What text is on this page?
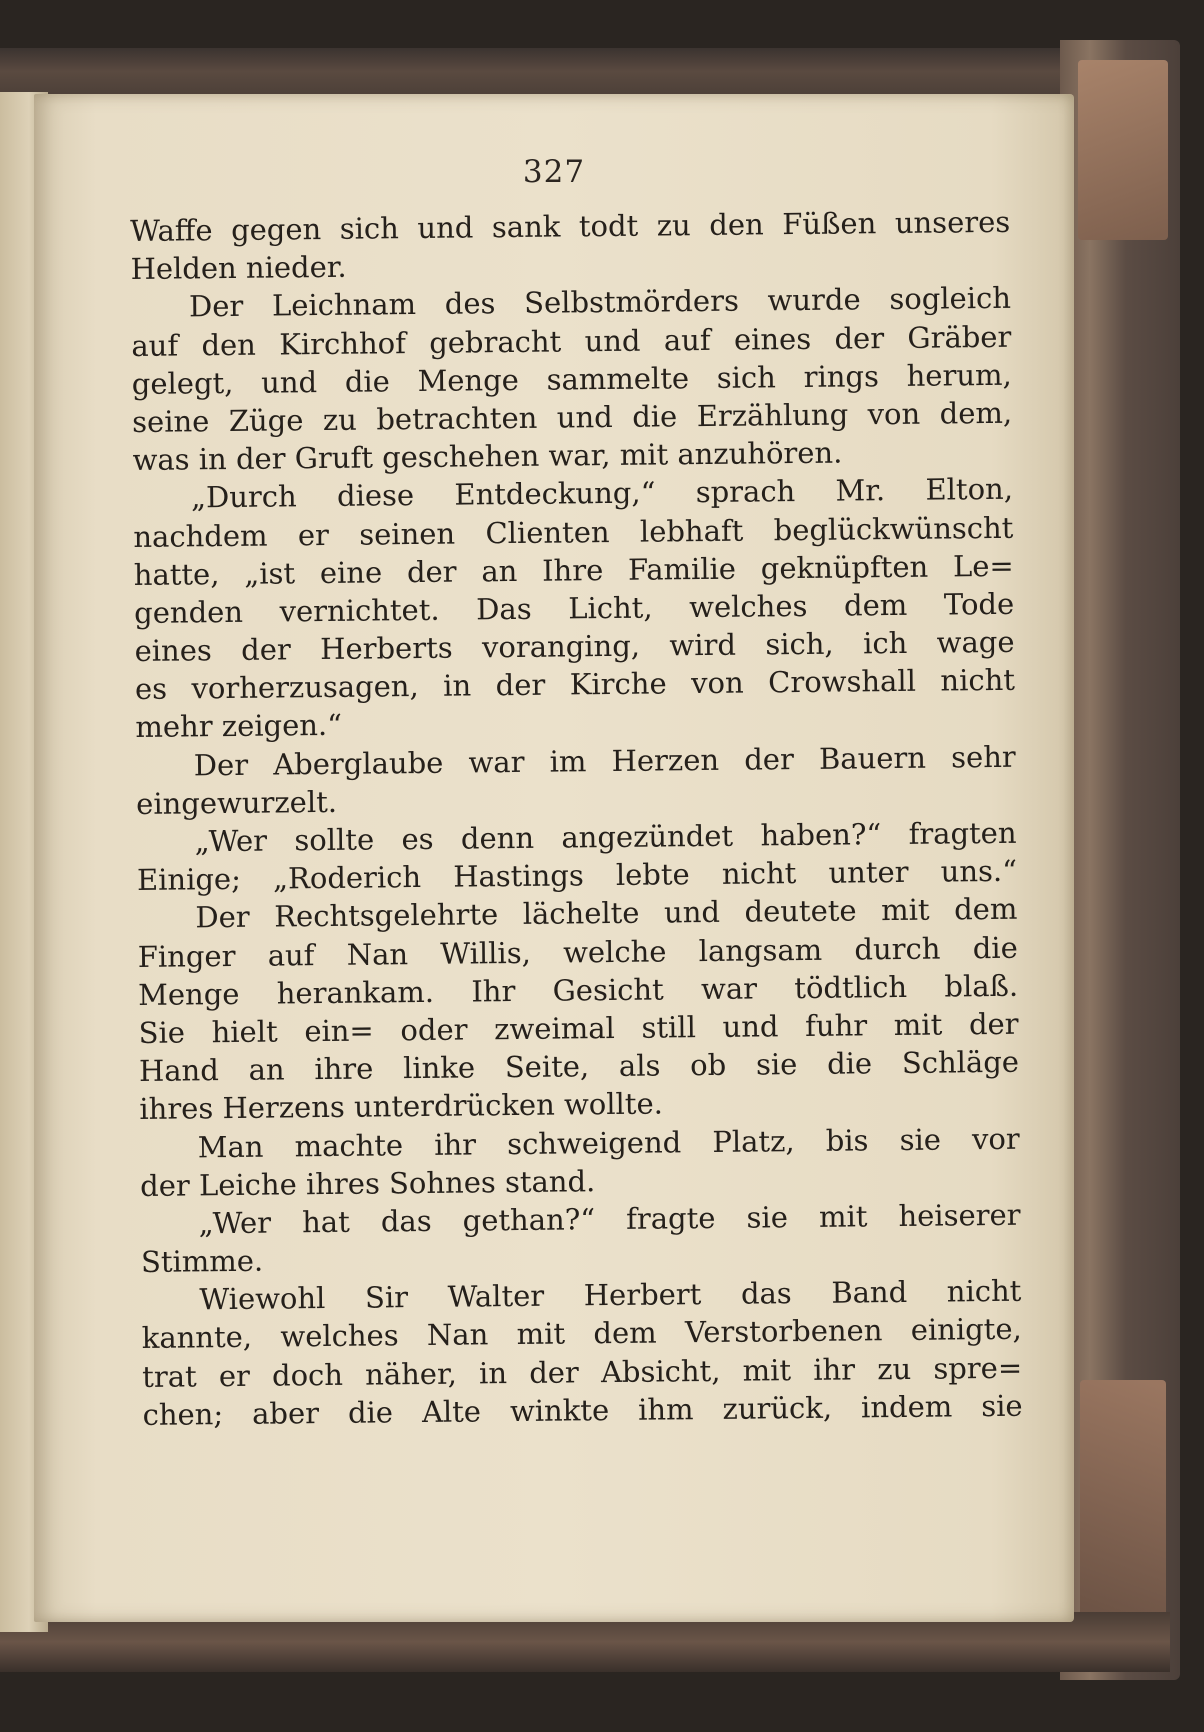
327
Waffe gegen sich und sank todt zu den Füßen unseres
Helden nieder.
Der Leichnam des Selbstmörders wurde sogleich
auf den Kirchhof gebracht und auf eines der Gräber
gelegt, und die Menge sammelte sich rings herum,
seine Züge zu betrachten und die Erzählung von dem,
was in der Gruft geschehen war, mit anzuhören.
„Durch diese Entdeckung,“ sprach Mr. Elton,
nachdem er seinen Clienten lebhaft beglückwünscht
hatte, „ist eine der an Ihre Familie geknüpften Le=
genden vernichtet. Das Licht, welches dem Tode
eines der Herberts voranging, wird sich, ich wage
es vorherzusagen, in der Kirche von Crowshall nicht
mehr zeigen.“
Der Aberglaube war im Herzen der Bauern sehr
eingewurzelt.
„Wer sollte es denn angezündet haben?“ fragten
Einige; „Roderich Hastings lebte nicht unter uns.“
Der Rechtsgelehrte lächelte und deutete mit dem
Finger auf Nan Willis, welche langsam durch die
Menge herankam. Ihr Gesicht war tödtlich blaß.
Sie hielt ein= oder zweimal still und fuhr mit der
Hand an ihre linke Seite, als ob sie die Schläge
ihres Herzens unterdrücken wollte.
Man machte ihr schweigend Platz, bis sie vor
der Leiche ihres Sohnes stand.
„Wer hat das gethan?“ fragte sie mit heiserer
Stimme.
Wiewohl Sir Walter Herbert das Band nicht
kannte, welches Nan mit dem Verstorbenen einigte,
trat er doch näher, in der Absicht, mit ihr zu spre=
chen; aber die Alte winkte ihm zurück, indem sie
